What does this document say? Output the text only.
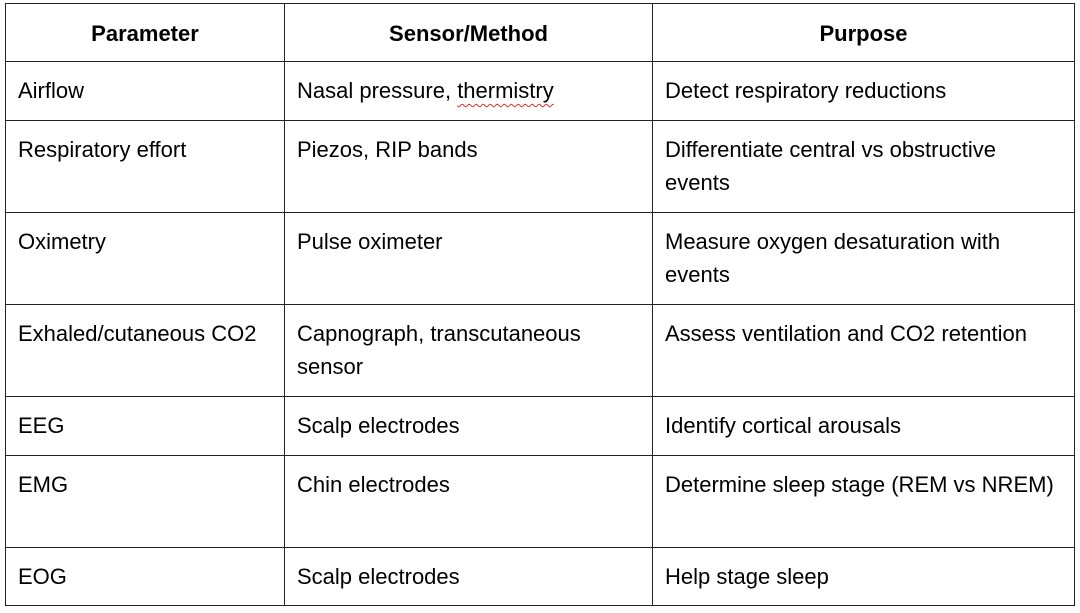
Parameter	Sensor/Method	Purpose
Airflow	Nasal pressure, thermistry	Detect respiratory reductions
Respiratory effort	Piezos, RIP bands	Differentiate central vs obstructive events
Oximetry	Pulse oximeter	Measure oxygen desaturation with events
Exhaled/cutaneous CO2	Capnograph, transcutaneous sensor	Assess ventilation and CO2 retention
EEG	Scalp electrodes	Identify cortical arousals
EMG	Chin electrodes	Determine sleep stage (REM vs NREM)
EOG	Scalp electrodes	Help stage sleep
